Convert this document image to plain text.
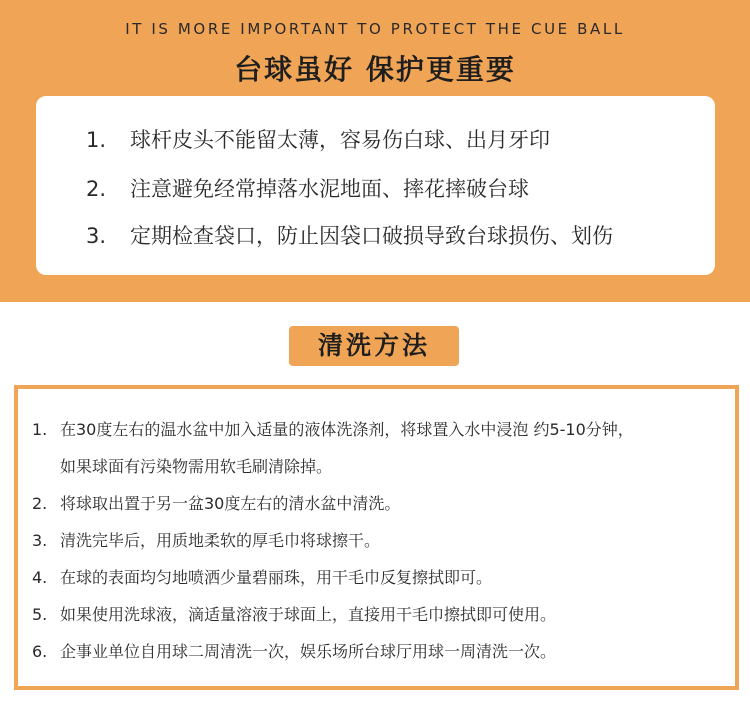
IT IS MORE IMPORTANT TO PROTECT THE CUE BALL
台球虽好 保护更重要
1. 球杆皮头不能留太薄，容易伤白球、出月牙印
2. 注意避免经常掉落水泥地面、摔花摔破台球
3. 定期检查袋口，防止因袋口破损导致台球损伤、划伤
清洗方法
1. 在30度左右的温水盆中加入适量的液体洗涤剂，将球置入水中浸泡 约5-10分钟，
如果球面有污染物需用软毛刷清除掉。
2. 将球取出置于另一盆30度左右的清水盆中清洗。
3. 清洗完毕后，用质地柔软的厚毛巾将球擦干。
4. 在球的表面均匀地喷洒少量碧丽珠，用干毛巾反复擦拭即可。
5. 如果使用洗球液，滴适量溶液于球面上，直接用干毛巾擦拭即可使用。
6. 企事业单位自用球二周清洗一次，娱乐场所台球厅用球一周清洗一次。
